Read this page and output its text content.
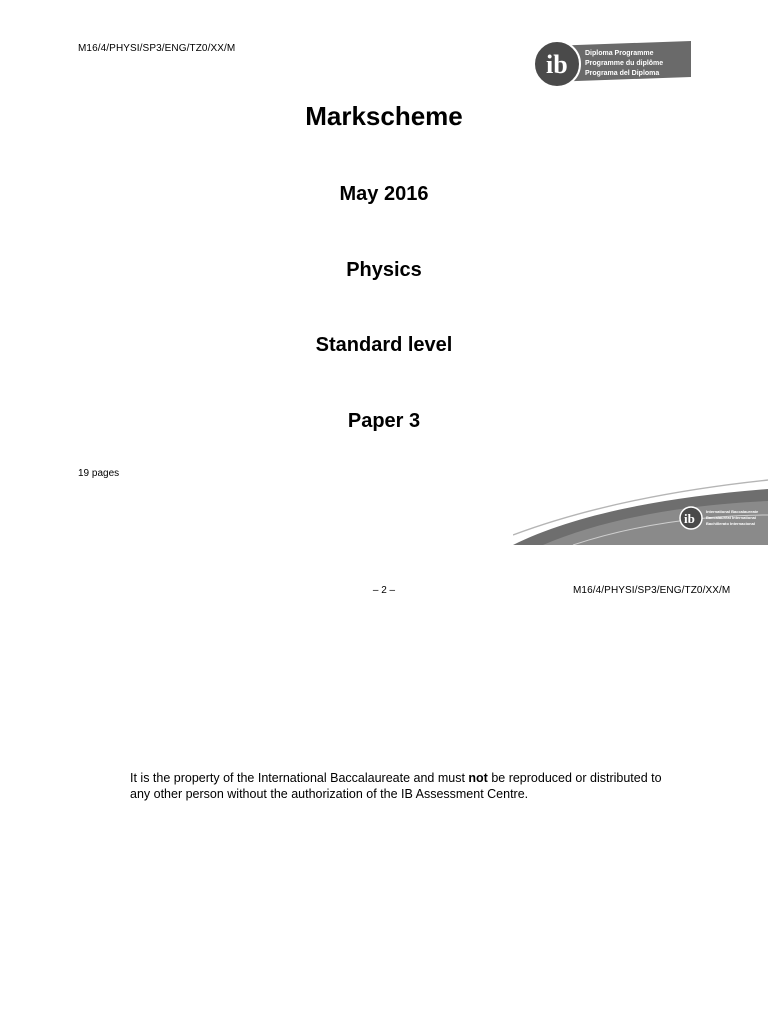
M16/4/PHYSI/SP3/ENG/TZ0/XX/M
ib Diploma Programme
Programme du diplôme
Programa del Diploma
Markscheme
May 2016
Physics
Standard level
Paper 3
19 pages
ib	International Baccalaureate
Baccalauréat International
Bachillerato Internacional
– 2 –	M16/4/PHYSI/SP3/ENG/TZ0/XX/M
It is the property of the International Baccalaureate and must not be reproduced or distributed to any other person without the authorization of the IB Assessment Centre.
